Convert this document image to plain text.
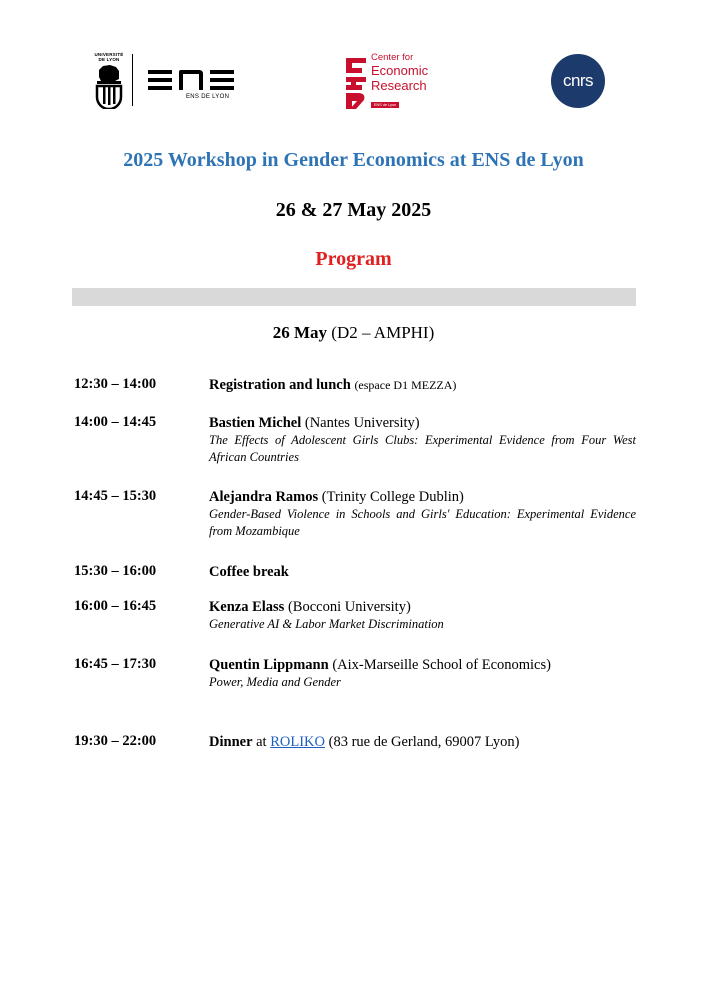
UNIVERSITÉ DE LYON
ENS DE LYON
Center for
Economic
Research
ENS de Lyon
cnrs
2025 Workshop in Gender Economics at ENS de Lyon
26 & 27 May 2025
Program
26 May (D2 – AMPHI)
12:30 – 14:00	Registration and lunch (espace D1 MEZZA)
14:00 – 14:45	Bastien Michel (Nantes University)
The Effects of Adolescent Girls Clubs: Experimental Evidence from Four West African Countries
14:45 – 15:30	Alejandra Ramos (Trinity College Dublin)
Gender-Based Violence in Schools and Girls' Education: Experimental Evidence from Mozambique
15:30 – 16:00	Coffee break
16:00 – 16:45	Kenza Elass (Bocconi University)
Generative AI & Labor Market Discrimination
16:45 – 17:30	Quentin Lippmann (Aix-Marseille School of Economics)
Power, Media and Gender
19:30 – 22:00	Dinner at ROLIKO (83 rue de Gerland, 69007 Lyon)
